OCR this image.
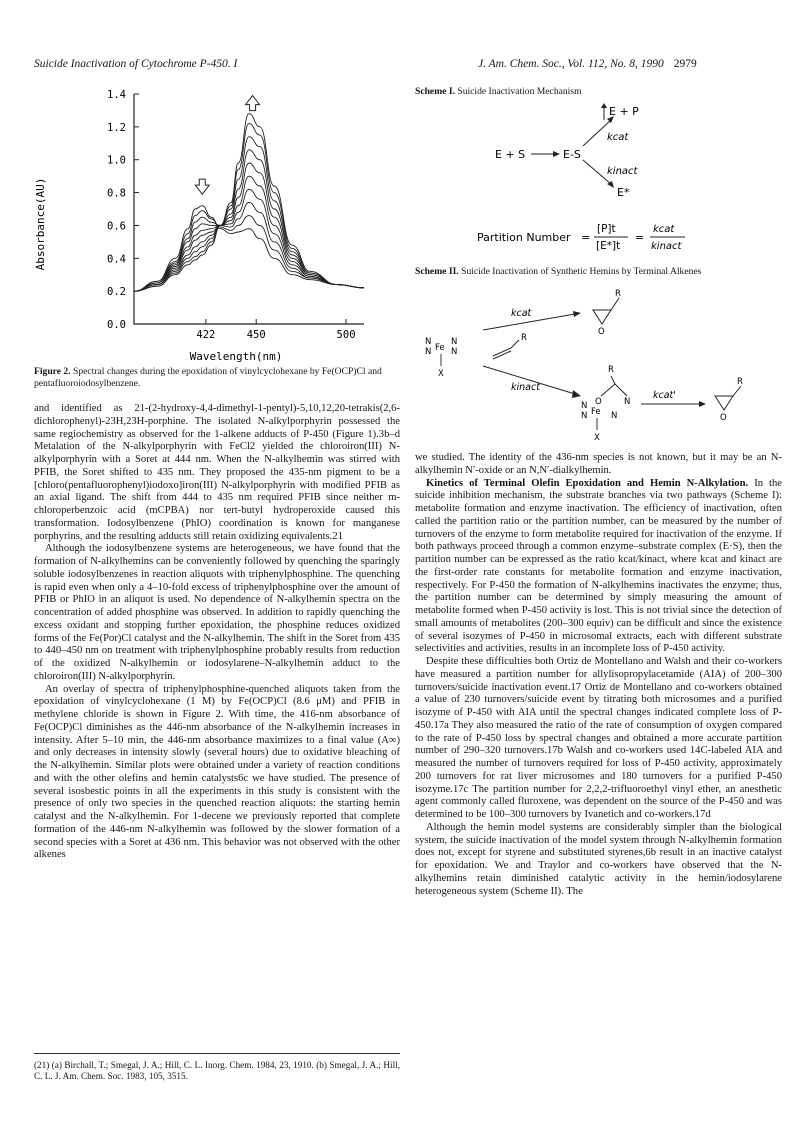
Suicide Inactivation of Cytochrome P-450. I	J. Am. Chem. Soc., Vol. 112, No. 8, 1990 2979
1.4
1.2
1.0
0.8
0.6
0.4
0.2
0.0
422	450	500
Absorbance(AU)
Wavelength(nm)
Figure 2. Spectral changes during the epoxidation of vinylcyclohexane by Fe(OCP)Cl and pentafluoroiodosylbenzene.

and identified as 21-(2-hydroxy-4,4-dimethyl-1-pentyl)-5,10,12,20-tetrakis(2,6-dichlorophenyl)-23H,23H-porphine. The isolated N-alkylporphyrin possessed the same regiochemistry as observed for the 1-alkene adducts of P-450 (Figure 1).3b–d Metalation of the N-alkylporphyrin with FeCl2 yielded the chloroiron(III) N-alkylporphyrin with a Soret at 444 nm. When the N-alkylhemin was stirred with PFIB, the Soret shifted to 435 nm. They proposed the 435-nm pigment to be a [chloro(pentafluorophenyl)iodoxo]iron(III) N-alkylporphyrin with modified PFIB as an axial ligand. The shift from 444 to 435 nm required PFIB since neither m-chloroperbenzoic acid (mCPBA) nor tert-butyl hydroperoxide caused this transformation. Iodosylbenzene (PhIO) coordination is known for manganese porphyrins, and the resulting adducts still retain oxidizing equivalents.21

Although the iodosylbenzene systems are heterogeneous, we have found that the formation of N-alkylhemins can be conveniently followed by quenching the sparingly soluble iodosylbenzenes in reaction aliquots with triphenylphosphine. The quenching is rapid even when only a 4–10-fold excess of triphenylphosphine over the amount of PFIB or PhIO in an aliquot is used. No dependence of N-alkylhemin spectra on the concentration of added phosphine was observed. In addition to rapidly quenching the excess oxidant and stopping further epoxidation, the phosphine reduces oxidized forms of the Fe(Por)Cl catalyst and the N-alkylhemin. The shift in the Soret from 435 to 440–450 nm on treatment with triphenylphosphine probably results from reduction of the oxidized N-alkylhemin or iodosylarene–N-alkylhemin adduct to the chloroiron(III) N-alkylporphyrin.

An overlay of spectra of triphenylphosphine-quenched aliquots taken from the epoxidation of vinylcyclohexane (1 M) by Fe(OCP)Cl (8.6 μM) and PFIB in methylene chloride is shown in Figure 2. With time, the 416-nm absorbance of Fe(OCP)Cl diminishes as the 446-nm absorbance of the N-alkylhemin increases in intensity. After 5–10 min, the 446-nm absorbance maximizes to a final value (A∞) and only decreases in intensity slowly (several hours) due to oxidative bleaching of the N-alkylhemin. Similar plots were obtained under a variety of reaction conditions and with the other olefins and hemin catalysts6c we have studied. The presence of several isosbestic points in all the experiments in this study is consistent with the presence of only two species in the quenched reaction aliquots: the starting hemin catalyst and the N-alkylhemin. For 1-decene we previously reported that complete formation of the 446-nm N-alkylhemin was followed by the slower formation of a second species with a Soret at 436 nm. This behavior was not observed with the other alkenes

(21) (a) Birchall, T.; Smegal, J. A.; Hill, C. L. Inorg. Chem. 1984, 23, 1910. (b) Smegal, J. A.; Hill, C. L. J. Am. Chem. Soc. 1983, 105, 3515.
Scheme I. Suicide Inactivation Mechanism
E + S	E-S
E + P
kcat
kinact
E*
Partition Number =
[P]t
[E*]t
=
kcat
kinact
Scheme II. Suicide Inactivation of Synthetic Hemins by Terminal Alkenes
N
N Fe
N
N
X
R
kcat
R
O
kinact
R
O	N
N
N Fe N
X
kcat'
R
O

we studied. The identity of the 436-nm species is not known, but it may be an N-alkylhemin N′-oxide or an N,N′-dialkylhemin.

Kinetics of Terminal Olefin Epoxidation and Hemin N-Alkylation. In the suicide inhibition mechanism, the substrate branches via two pathways (Scheme I): metabolite formation and enzyme inactivation. The efficiency of inactivation, often called the partition ratio or the partition number, can be measured by the number of turnovers of the enzyme to form metabolite required for inactivation of the enzyme. If both pathways proceed through a common enzyme–substrate complex (E·S), then the partition number can be expressed as the ratio kcat/kinact, where kcat and kinact are the first-order rate constants for metabolite formation and enzyme inactivation, respectively. For P-450 the formation of N-alkylhemins inactivates the enzyme; thus, the partition number can be determined by simply measuring the amount of metabolite formed when P-450 activity is lost. This is not trivial since the detection of small amounts of metabolites (200–300 equiv) can be difficult and since the existence of several isozymes of P-450 in microsomal extracts, each with different substrate selectivities and activities, results in an incomplete loss of P-450 activity.

Despite these difficulties both Ortiz de Montellano and Walsh and their co-workers have measured a partition number for allylisopropylacetamide (AIA) of 200–300 turnovers/suicide inactivation event.17 Ortiz de Montellano and co-workers obtained a value of 230 turnovers/suicide event by titrating both microsomes and a purified isozyme of P-450 with AIA until the spectral changes indicated complete loss of P-450.17a They also measured the ratio of the rate of consumption of oxygen compared to the rate of P-450 loss by spectral changes and obtained a more accurate partition number of 290–320 turnovers.17b Walsh and co-workers used 14C-labeled AIA and measured the number of turnovers required for loss of P-450 activity, approximately 200 turnovers for rat liver microsomes and 180 turnovers for a purified P-450 isozyme.17c The partition number for 2,2,2-trifluoroethyl vinyl ether, an anesthetic agent commonly called fluroxene, was dependent on the source of the P-450 and was determined to be 100–300 turnovers by Ivanetich and co-workers.17d

Although the hemin model systems are considerably simpler than the biological system, the suicide inactivation of the model system through N-alkylhemin formation does not, except for styrene and substituted styrenes,6b result in an inactive catalyst for epoxidation. We and Traylor and co-workers have observed that the N-alkylhemins retain diminished catalytic activity in the hemin/iodosylarene heterogeneous system (Scheme II). The
